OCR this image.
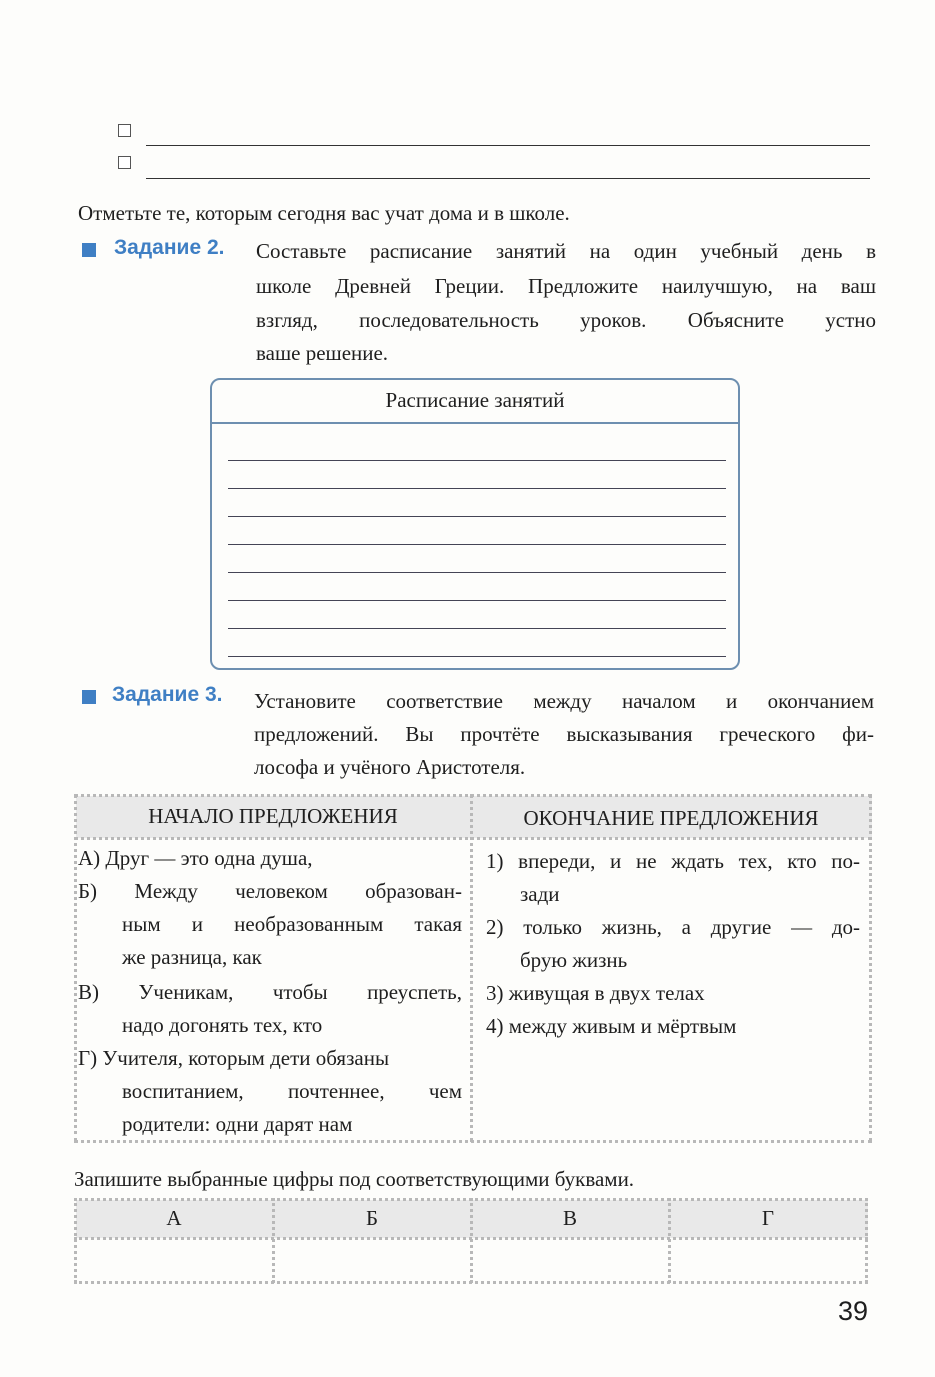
Отметьте те, которым сегодня вас учат дома и в школе.
Задание 2. Составьте расписание занятий на один учебный день в
школе Древней Греции. Предложите наилучшую, на ваш
взгляд, последовательность уроков. Объясните устно
ваше решение.
Расписание занятий
Задание 3. Установите соответствие между началом и окончанием
предложений. Вы прочтёте высказывания греческого фи-
лософа и учёного Аристотеля.
НАЧАЛО ПРЕДЛОЖЕНИЯ	ОКОНЧАНИЕ ПРЕДЛОЖЕНИЯ
А) Друг — это одна душа,
Б) Между человеком образован-
ным и необразованным такая
же разница, как
В) Ученикам, чтобы преуспеть,
надо догонять тех, кто
Г) Учителя, которым дети обязаны
воспитанием, почтеннее, чем
родители: одни дарят нам
1) впереди, и не ждать тех, кто по-
зади
2) только жизнь, а другие — до-
брую жизнь
3) живущая в двух телах
4) между живым и мёртвым
Запишите выбранные цифры под соответствующими буквами.
А	Б	В	Г
39
